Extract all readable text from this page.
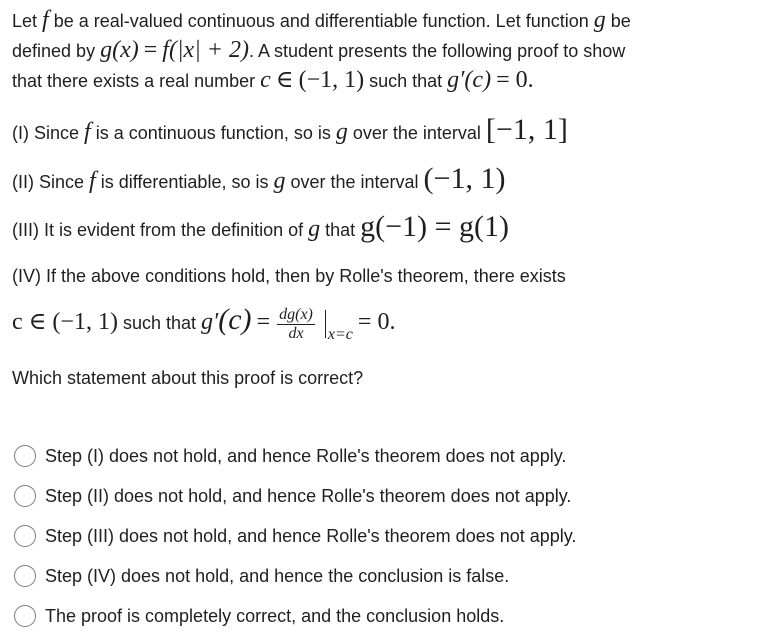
Let f be a real-valued continuous and differentiable function. Let function g be
defined by g(x) = f(|x| + 2). A student presents the following proof to show
that there exists a real number c ∈ (−1, 1) such that g′(c) = 0.
(I) Since f is a continuous function, so is g over the interval [−1, 1]
(II) Since f is differentiable, so is g over the interval (−1, 1)
(III) It is evident from the definition of g that g(−1) = g(1)
(IV) If the above conditions hold, then by Rolle's theorem, there exists
c ∈ (−1, 1) such that $g'(c) = \frac{dg(x)}{dx} x=c = 0$.
Which statement about this proof is correct?
Step (I) does not hold, and hence Rolle's theorem does not apply.
Step (II) does not hold, and hence Rolle's theorem does not apply.
Step (III) does not hold, and hence Rolle's theorem does not apply.
Step (IV) does not hold, and hence the conclusion is false.
The proof is completely correct, and the conclusion holds.
